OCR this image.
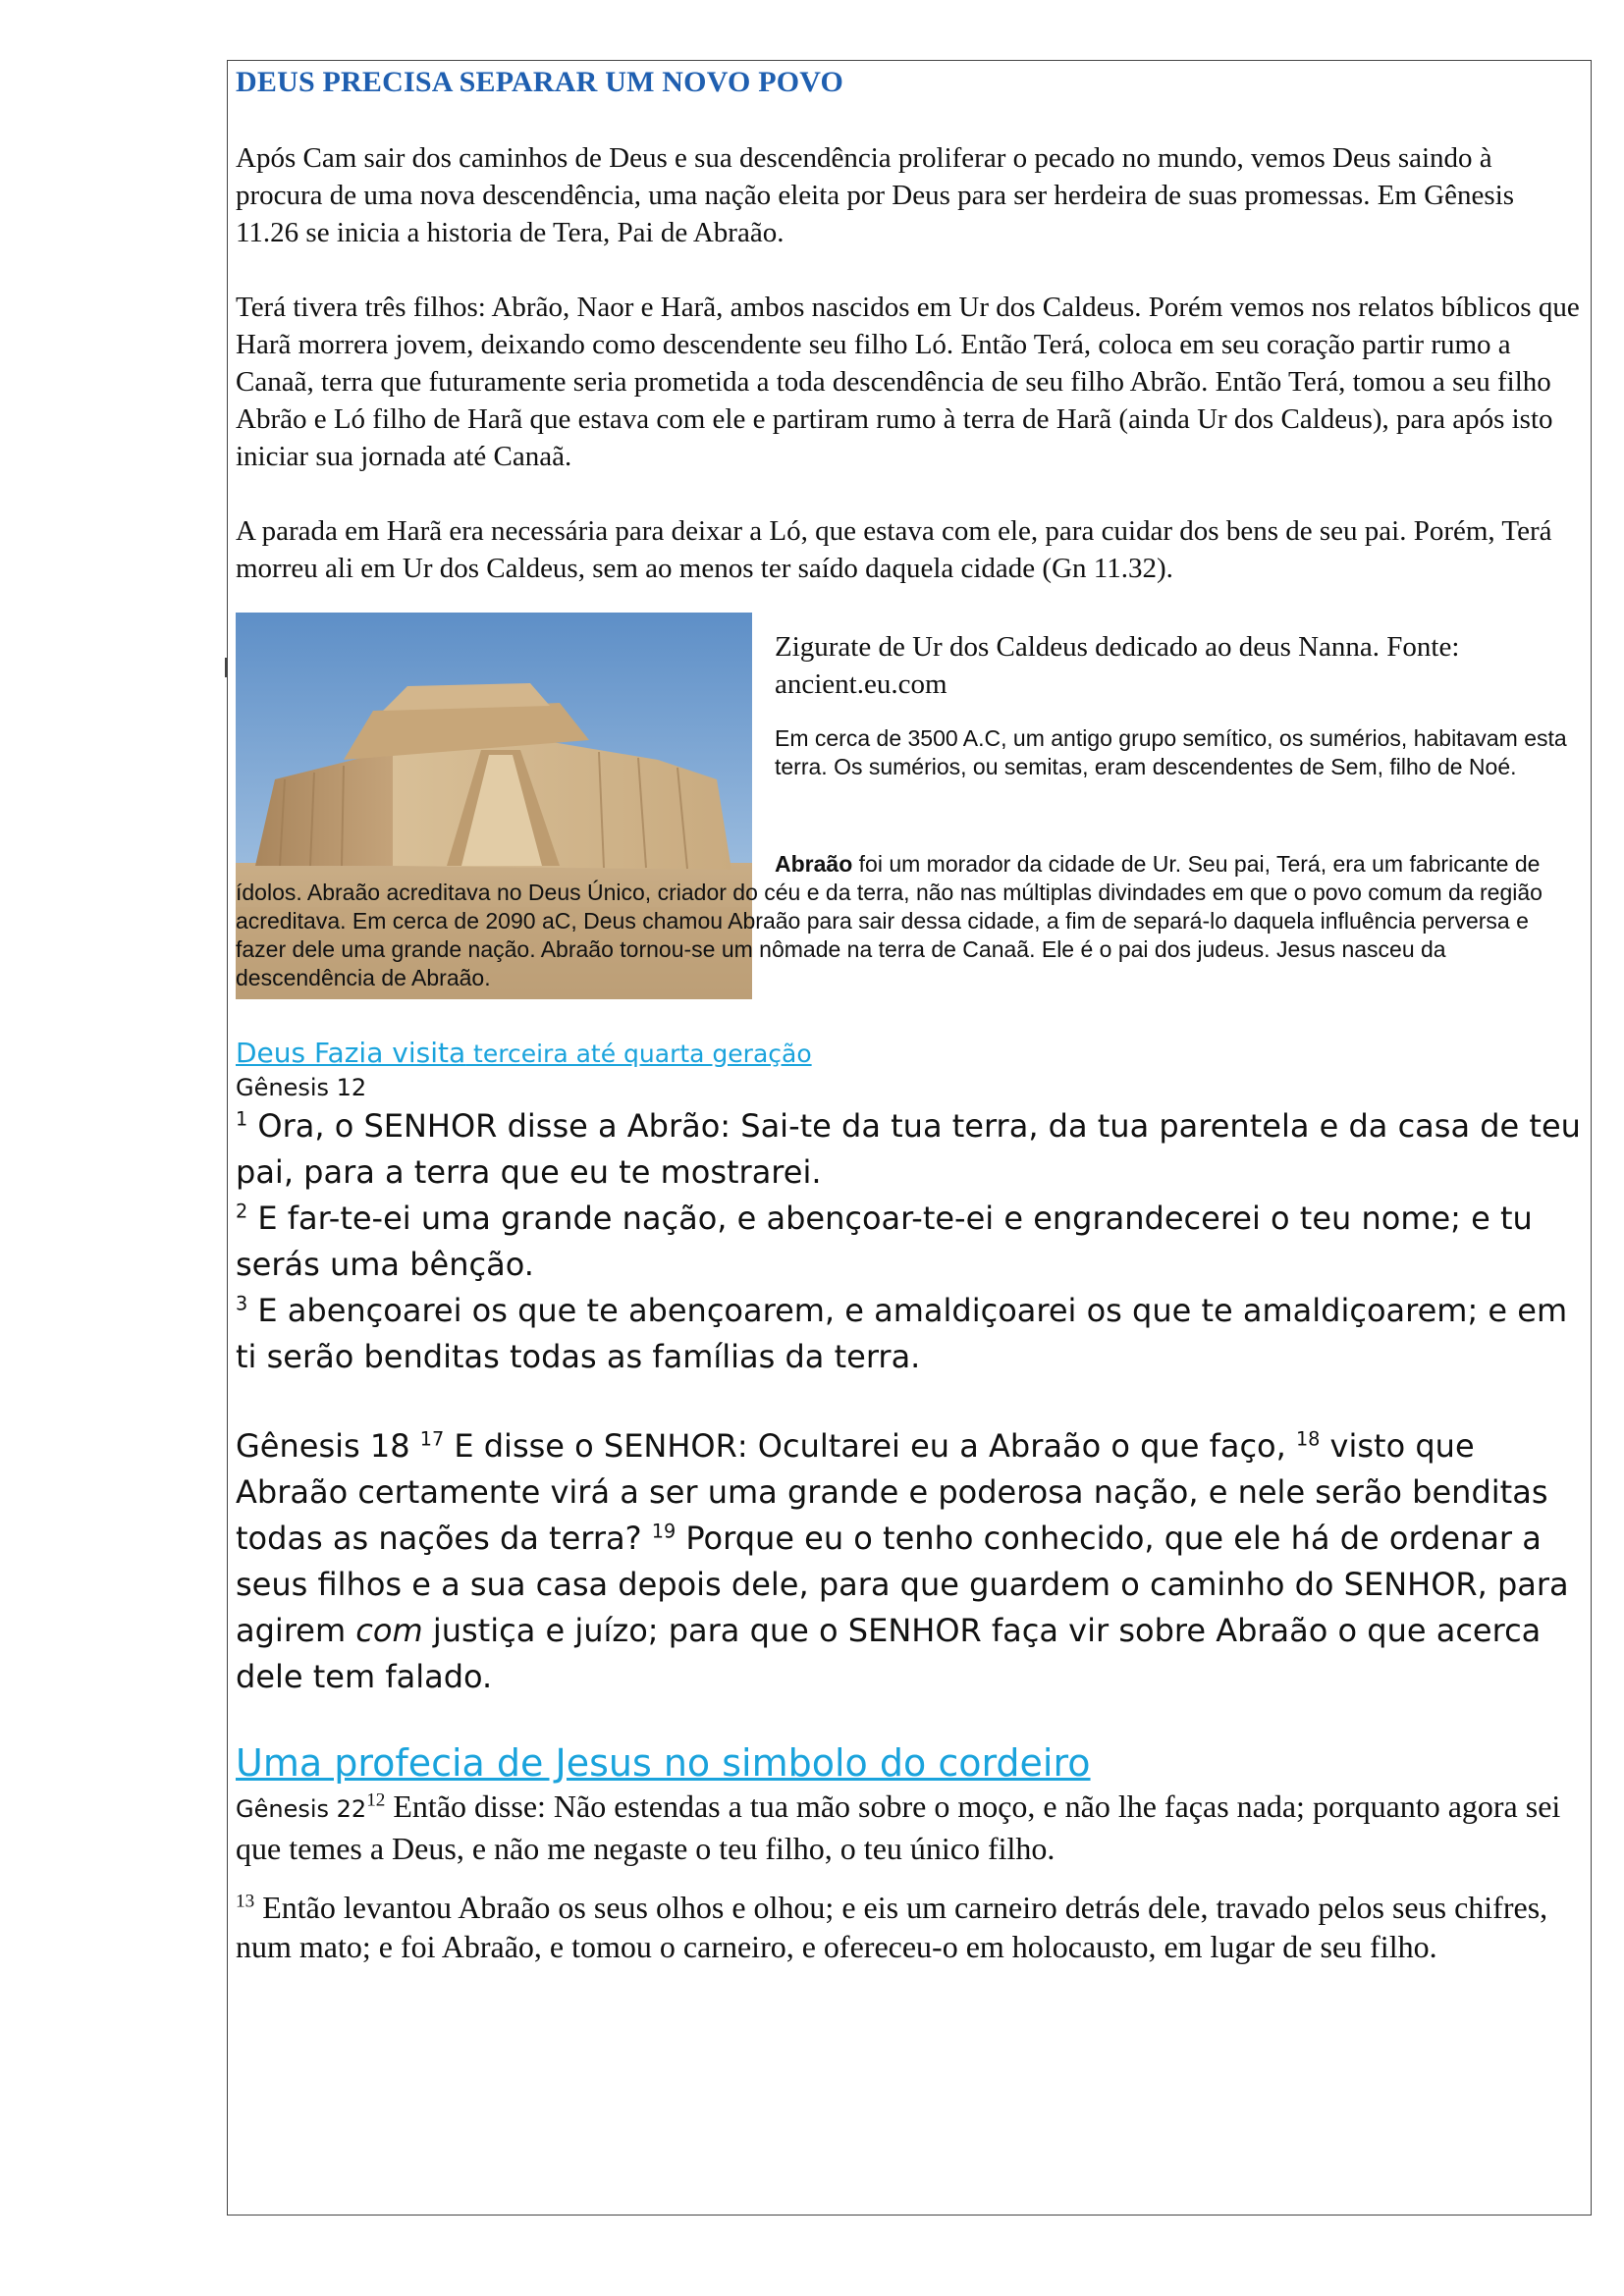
DEUS PRECISA SEPARAR UM NOVO POVO

Após Cam sair dos caminhos de Deus e sua descendência proliferar o pecado no mundo, vemos Deus saindo à procura de uma nova descendência, uma nação eleita por Deus para ser herdeira de suas promessas. Em Gênesis 11.26 se inicia a historia de Tera, Pai de Abraão.

Terá tivera três filhos: Abrão, Naor e Harã, ambos nascidos em Ur dos Caldeus. Porém vemos nos relatos bíblicos que Harã morrera jovem, deixando como descendente seu filho Ló. Então Terá, coloca em seu coração partir rumo a Canaã, terra que futuramente seria prometida a toda descendência de seu filho Abrão. Então Terá, tomou a seu filho Abrão e Ló filho de Harã que estava com ele e partiram rumo à terra de Harã (ainda Ur dos Caldeus), para após isto iniciar sua jornada até Canaã.

A parada em Harã era necessária para deixar a Ló, que estava com ele, para cuidar dos bens de seu pai. Porém, Terá morreu ali em Ur dos Caldeus, sem ao menos ter saído daquela cidade (Gn 11.32).

Zigurate de Ur dos Caldeus dedicado ao deus Nanna. Fonte: ancient.eu.com

Em cerca de 3500 A.C, um antigo grupo semítico, os sumérios, habitavam esta terra. Os sumérios, ou semitas, eram descendentes de Sem, filho de Noé.

Abraão foi um morador da cidade de Ur. Seu pai, Terá, era um fabricante de ídolos. Abraão acreditava no Deus Único, criador do céu e da terra, não nas múltiplas divindades em que o povo comum da região acreditava. Em cerca de 2090 aC, Deus chamou Abraão para sair dessa cidade, a fim de separá-lo daquela influência perversa e fazer dele uma grande nação. Abraão tornou-se um nômade na terra de Canaã. Ele é o pai dos judeus. Jesus nasceu da descendência de Abraão.

Deus Fazia visita terceira até quarta geração

Gênesis 12

$^1$ Ora, o SENHOR disse a Abrão: Sai-te da tua terra, da tua parentela e da casa de teu pai, para a terra que eu te mostrarei.

$^2$ E far-te-ei uma grande nação, e abençoar-te-ei e engrandecerei o teu nome; e tu serás uma bênção.

$^3$ E abençoarei os que te abençoarem, e amaldiçoarei os que te amaldiçoarem; e em ti serão benditas todas as famílias da terra.

Gênesis 18 $^{17}$ E disse o SENHOR: Ocultarei eu a Abraão o que faço, $^{18}$ visto que Abraão certamente virá a ser uma grande e poderosa nação, e nele serão benditas todas as nações da terra? $^{19}$ Porque eu o tenho conhecido, que ele há de ordenar a seus filhos e a sua casa depois dele, para que guardem o caminho do SENHOR, para agirem com justiça e juízo; para que o SENHOR faça vir sobre Abraão o que acerca dele tem falado.

Uma profecia de Jesus no simbolo do cordeiro

Gênesis $22^{12}$ Então disse: Não estendas a tua mão sobre o moço, e não lhe faças nada; porquanto agora sei que temes a Deus, e não me negaste o teu filho, o teu único filho.

$^{13}$ Então levantou Abraão os seus olhos e olhou; e eis um carneiro detrás dele, travado pelos seus chifres, num mato; e foi Abraão, e tomou o carneiro, e ofereceu-o em holocausto, em lugar de seu filho.
